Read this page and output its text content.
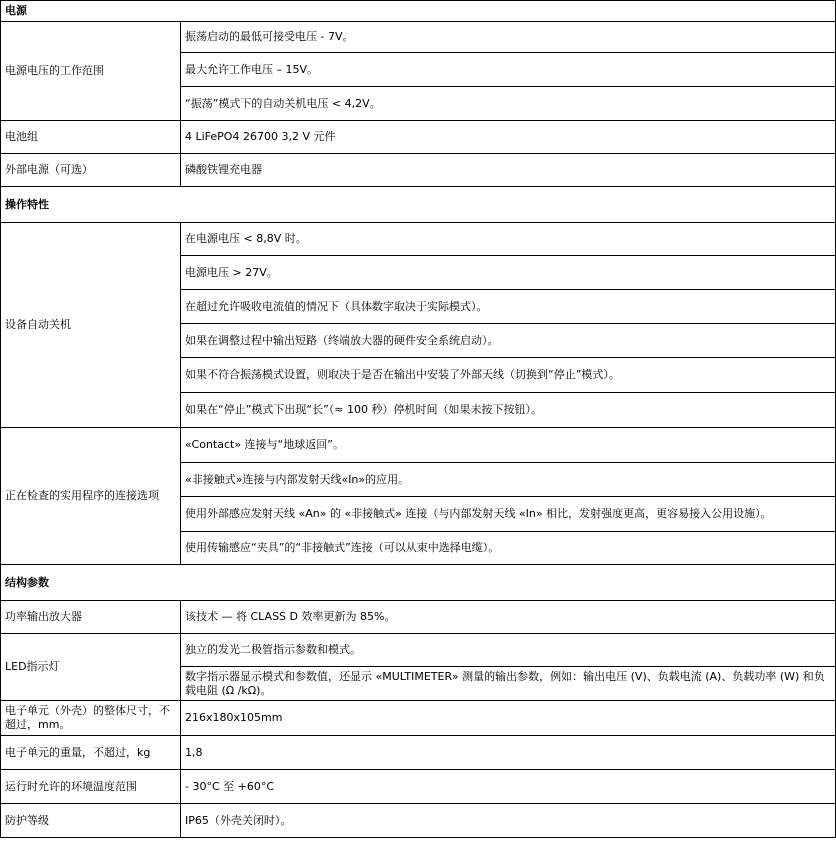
电源	
电源电压的工作范围	振荡启动的最低可接受电压 - 7V。
	最大允许工作电压 – 15V。
	“振荡”模式下的自动关机电压 < 4,2V。
电池组	4 LiFePO4 26700 3,2 V 元件
外部电源（可选）	磷酸铁锂充电器
操作特性	
设备自动关机	在电源电压 < 8,8V 时。
	电源电压 > 27V。
	在超过允许吸收电流值的情况下（具体数字取决于实际模式）。
	如果在调整过程中输出短路（终端放大器的硬件安全系统启动）。
	如果不符合振荡模式设置，则取决于是否在输出中安装了外部天线（切换到“停止”模式）。
	如果在“停止”模式下出现“长”（≈ 100 秒）停机时间（如果未按下按钮）。
正在检查的实用程序的连接选项	«Contact» 连接与“地球返回”。
	«非接触式»连接与内部发射天线«In»的应用。
	使用外部感应发射天线 «An» 的 «非接触式» 连接（与内部发射天线 «In» 相比，发射强度更高，更容易接入公用设施）。
	使用传输感应“夹具”的“非接触式”连接（可以从束中选择电缆）。
结构参数	
功率输出放大器	该技术 — 将 CLASS D 效率更新为 85%。
LED指示灯	独立的发光二极管指示参数和模式。
	数字指示器显示模式和参数值，还显示 «MULTIMETER» 测量的输出参数，例如：输出电压 (V)、负载电流 (A)、负载功率 (W) 和负载电阻 (Ω /kΩ)。
电子单元（外壳）的整体尺寸，不超过，mm。	216x180x105mm
电子单元的重量，不超过，kg	1,8
运行时允许的环境温度范围	- 30°C 至 +60°C
防护等级	IP65（外壳关闭时）。
